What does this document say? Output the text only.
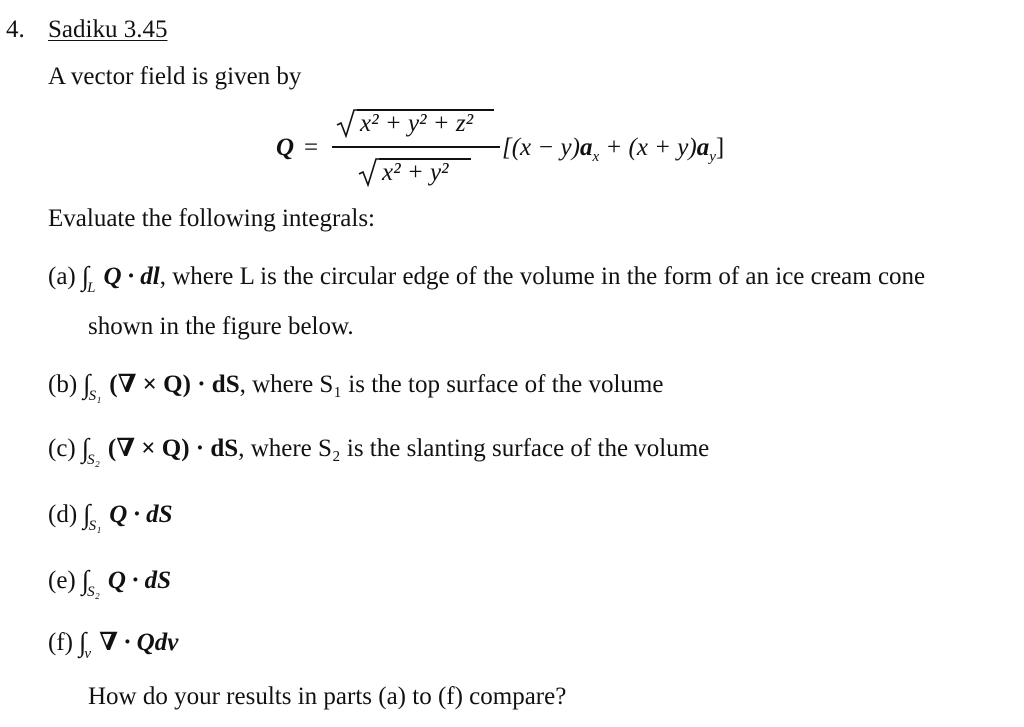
4. Sadiku 3.45
A vector field is given by
Q =
x² + y² + z²
x² + y²
$[(x - y)a_x + (x + y)a_y]$
Evaluate the following integrals:
(a) $\int_L$ Q · dl , where L is the circular edge of the volume in the form of an ice cream cone
shown in the figure below.
(b) $\int_{S_1}$ (∇ × Q) · dS , where S₁ is the top surface of the volume
(c) $\int_{S_2}$ (∇ × Q) · dS , where S₂ is the slanting surface of the volume
(d) $\int_{S_1}$ Q · dS
(e) $\int_{S_2}$ Q · dS
(f) $\int_v$ ∇ · Qdv
How do your results in parts (a) to (f) compare?
